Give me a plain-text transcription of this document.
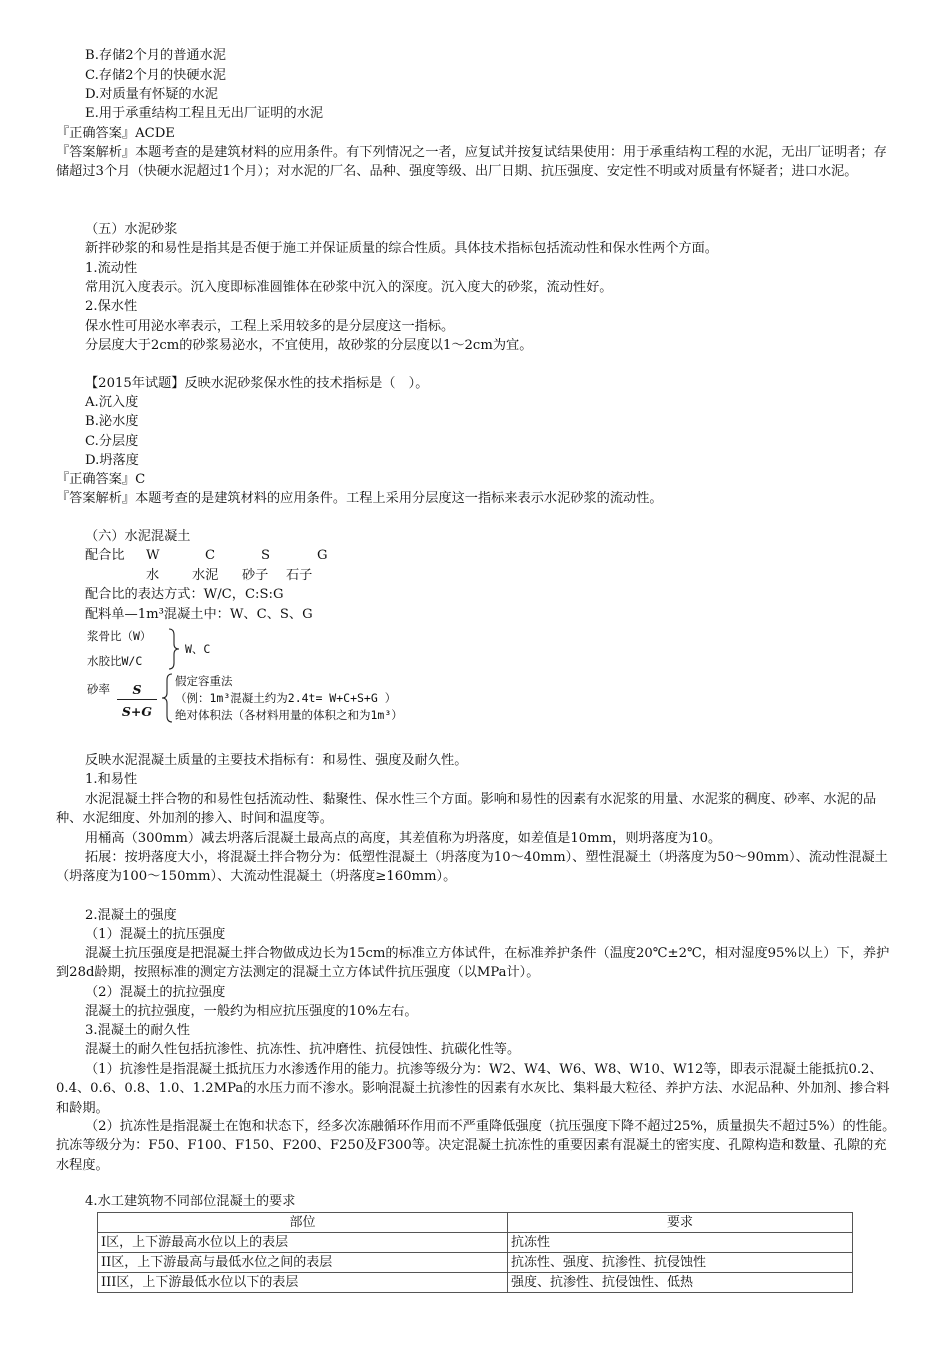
B.存储2个月的普通水泥
C.存储2个月的快硬水泥
D.对质量有怀疑的水泥
E.用于承重结构工程且无出厂证明的水泥
『正确答案』ACDE
『答案解析』本题考查的是建筑材料的应用条件。有下列情况之一者，应复试并按复试结果使用：用于承重结构工程的水泥，无出厂证明者；存储超过3个月（快硬水泥超过1个月）；对水泥的厂名、品种、强度等级、出厂日期、抗压强度、安定性不明或对质量有怀疑者；进口水泥。
（五）水泥砂浆
新拌砂浆的和易性是指其是否便于施工并保证质量的综合性质。具体技术指标包括流动性和保水性两个方面。
1.流动性
常用沉入度表示。沉入度即标准圆锥体在砂浆中沉入的深度。沉入度大的砂浆，流动性好。
2.保水性
保水性可用泌水率表示，工程上采用较多的是分层度这一指标。
分层度大于2cm的砂浆易泌水，不宜使用，故砂浆的分层度以1～2cm为宜。
【2015年试题】反映水泥砂浆保水性的技术指标是（　）。
A.沉入度
B.泌水度
C.分层度
D.坍落度
『正确答案』C
『答案解析』本题考查的是建筑材料的应用条件。工程上采用分层度这一指标来表示水泥砂浆的流动性。
（六）水泥混凝土
配合比 W	C	S	G
水 水泥 砂子 石子
配合比的表达方式：W/C，C:S:G
配料单—1m³混凝土中：W、C、S、G
浆骨比（W）
水胶比W/C
W、C
砂率	S
S+G
假定容重法
（例：1m³混凝土约为2.4t= W+C+S+G ）
绝对体积法（各材料用量的体积之和为1m³）
反映水泥混凝土质量的主要技术指标有：和易性、强度及耐久性。
1.和易性
水泥混凝土拌合物的和易性包括流动性、黏聚性、保水性三个方面。影响和易性的因素有水泥浆的用量、水泥浆的稠度、砂率、水泥的品种、水泥细度、外加剂的掺入、时间和温度等。
用桶高（300mm）减去坍落后混凝土最高点的高度，其差值称为坍落度，如差值是10mm，则坍落度为10。
拓展：按坍落度大小，将混凝土拌合物分为：低塑性混凝土（坍落度为10～40mm）、塑性混凝土（坍落度为50～90mm）、流动性混凝土（坍落度为100～150mm）、大流动性混凝土（坍落度≥160mm）。
2.混凝土的强度
（1）混凝土的抗压强度
混凝土抗压强度是把混凝土拌合物做成边长为15cm的标准立方体试件，在标准养护条件（温度20℃±2℃，相对湿度95%以上）下，养护到28d龄期，按照标准的测定方法测定的混凝土立方体试件抗压强度（以MPa计）。
（2）混凝土的抗拉强度
混凝土的抗拉强度，一般约为相应抗压强度的10%左右。
3.混凝土的耐久性
混凝土的耐久性包括抗渗性、抗冻性、抗冲磨性、抗侵蚀性、抗碳化性等。
（1）抗渗性是指混凝土抵抗压力水渗透作用的能力。抗渗等级分为：W2、W4、W6、W8、W10、W12等，即表示混凝土能抵抗0.2、0.4、0.6、0.8、1.0、1.2MPa的水压力而不渗水。影响混凝土抗渗性的因素有水灰比、集料最大粒径、养护方法、水泥品种、外加剂、掺合料和龄期。
（2）抗冻性是指混凝土在饱和状态下，经多次冻融循环作用而不严重降低强度（抗压强度下降不超过25%，质量损失不超过5%）的性能。抗冻等级分为：F50、F100、F150、F200、F250及F300等。决定混凝土抗冻性的重要因素有混凝土的密实度、孔隙构造和数量、孔隙的充水程度。
4.水工建筑物不同部位混凝土的要求
部位	要求
I区，上下游最高水位以上的表层	抗冻性
II区，上下游最高与最低水位之间的表层	抗冻性、强度、抗渗性、抗侵蚀性
III区，上下游最低水位以下的表层	强度、抗渗性、抗侵蚀性、低热
